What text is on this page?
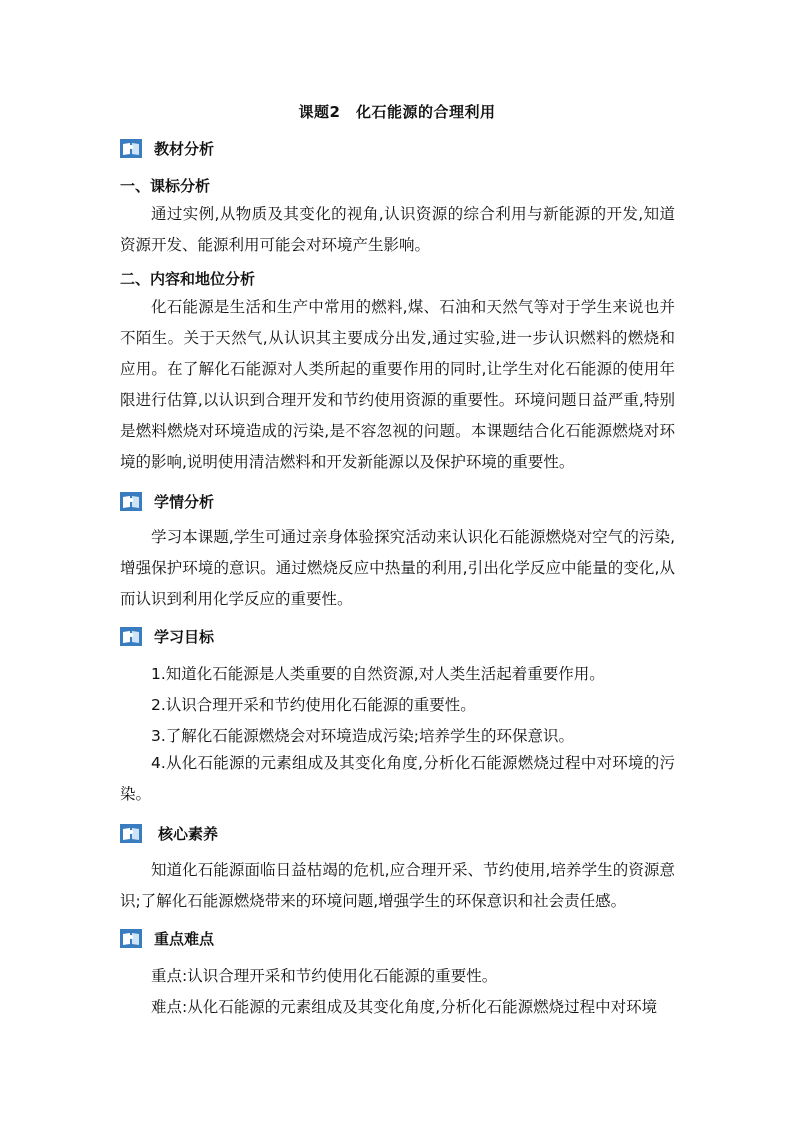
课题2　化石能源的合理利用
教材分析
一、课标分析

通过实例,从物质及其变化的视角,认识资源的综合利用与新能源的开发,知道资源开发、能源利用可能会对环境产生影响。

二、内容和地位分析

化石能源是生活和生产中常用的燃料,煤、石油和天然气等对于学生来说也并不陌生。关于天然气,从认识其主要成分出发,通过实验,进一步认识燃料的燃烧和应用。在了解化石能源对人类所起的重要作用的同时,让学生对化石能源的使用年限进行估算,以认识到合理开发和节约使用资源的重要性。环境问题日益严重,特别是燃料燃烧对环境造成的污染,是不容忽视的问题。本课题结合化石能源燃烧对环境的影响,说明使用清洁燃料和开发新能源以及保护环境的重要性。

学情分析

学习本课题,学生可通过亲身体验探究活动来认识化石能源燃烧对空气的污染,增强保护环境的意识。通过燃烧反应中热量的利用,引出化学反应中能量的变化,从而认识到利用化学反应的重要性。

学习目标
1.知道化石能源是人类重要的自然资源,对人类生活起着重要作用。
2.认识合理开采和节约使用化石能源的重要性。
3.了解化石能源燃烧会对环境造成污染;培养学生的环保意识。

4.从化石能源的元素组成及其变化角度,分析化石能源燃烧过程中对环境的污染。

核心素养

知道化石能源面临日益枯竭的危机,应合理开采、节约使用,培养学生的资源意识;了解化石能源燃烧带来的环境问题,增强学生的环保意识和社会责任感。

重点难点
重点:认识合理开采和节约使用化石能源的重要性。
难点:从化石能源的元素组成及其变化角度,分析化石能源燃烧过程中对环境
